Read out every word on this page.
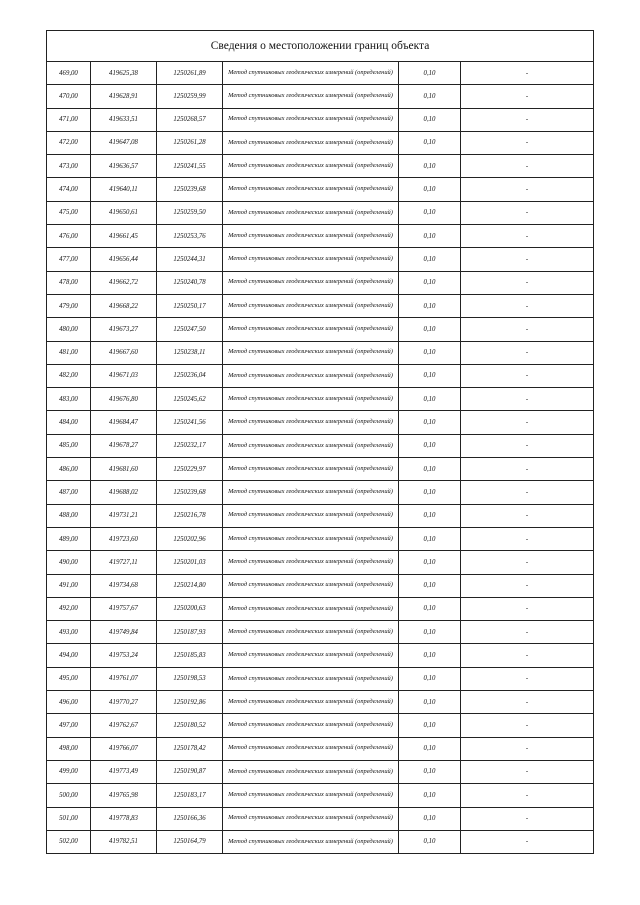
Сведения о местоположении границ объекта					
469,00	419625,38	1250261,89	Метод спутниковых геодезических измерений (определений)	0,10	-
470,00	419628,91	1250259,99	Метод спутниковых геодезических измерений (определений)	0,10	-
471,00	419633,51	1250268,57	Метод спутниковых геодезических измерений (определений)	0,10	-
472,00	419647,08	1250261,28	Метод спутниковых геодезических измерений (определений)	0,10	-
473,00	419636,57	1250241,55	Метод спутниковых геодезических измерений (определений)	0,10	-
474,00	419640,11	1250239,68	Метод спутниковых геодезических измерений (определений)	0,10	-
475,00	419650,61	1250259,50	Метод спутниковых геодезических измерений (определений)	0,10	-
476,00	419661,45	1250253,76	Метод спутниковых геодезических измерений (определений)	0,10	-
477,00	419656,44	1250244,31	Метод спутниковых геодезических измерений (определений)	0,10	-
478,00	419662,72	1250240,78	Метод спутниковых геодезических измерений (определений)	0,10	-
479,00	419668,22	1250250,17	Метод спутниковых геодезических измерений (определений)	0,10	-
480,00	419673,27	1250247,50	Метод спутниковых геодезических измерений (определений)	0,10	-
481,00	419667,60	1250238,11	Метод спутниковых геодезических измерений (определений)	0,10	-
482,00	419671,03	1250236,04	Метод спутниковых геодезических измерений (определений)	0,10	-
483,00	419676,80	1250245,62	Метод спутниковых геодезических измерений (определений)	0,10	-
484,00	419684,47	1250241,56	Метод спутниковых геодезических измерений (определений)	0,10	-
485,00	419678,27	1250232,17	Метод спутниковых геодезических измерений (определений)	0,10	-
486,00	419681,60	1250229,97	Метод спутниковых геодезических измерений (определений)	0,10	-
487,00	419688,02	1250239,68	Метод спутниковых геодезических измерений (определений)	0,10	-
488,00	419731,21	1250216,78	Метод спутниковых геодезических измерений (определений)	0,10	-
489,00	419723,60	1250202,96	Метод спутниковых геодезических измерений (определений)	0,10	-
490,00	419727,11	1250201,03	Метод спутниковых геодезических измерений (определений)	0,10	-
491,00	419734,68	1250214,80	Метод спутниковых геодезических измерений (определений)	0,10	-
492,00	419757,67	1250200,63	Метод спутниковых геодезических измерений (определений)	0,10	-
493,00	419749,84	1250187,93	Метод спутниковых геодезических измерений (определений)	0,10	-
494,00	419753,24	1250185,83	Метод спутниковых геодезических измерений (определений)	0,10	-
495,00	419761,07	1250198,53	Метод спутниковых геодезических измерений (определений)	0,10	-
496,00	419770,27	1250192,86	Метод спутниковых геодезических измерений (определений)	0,10	-
497,00	419762,67	1250180,52	Метод спутниковых геодезических измерений (определений)	0,10	-
498,00	419766,07	1250178,42	Метод спутниковых геодезических измерений (определений)	0,10	-
499,00	419773,49	1250190,87	Метод спутниковых геодезических измерений (определений)	0,10	-
500,00	419765,98	1250183,17	Метод спутниковых геодезических измерений (определений)	0,10	-
501,00	419778,83	1250166,36	Метод спутниковых геодезических измерений (определений)	0,10	-
502,00	419782,51	1250164,79	Метод спутниковых геодезических измерений (определений)	0,10	-
